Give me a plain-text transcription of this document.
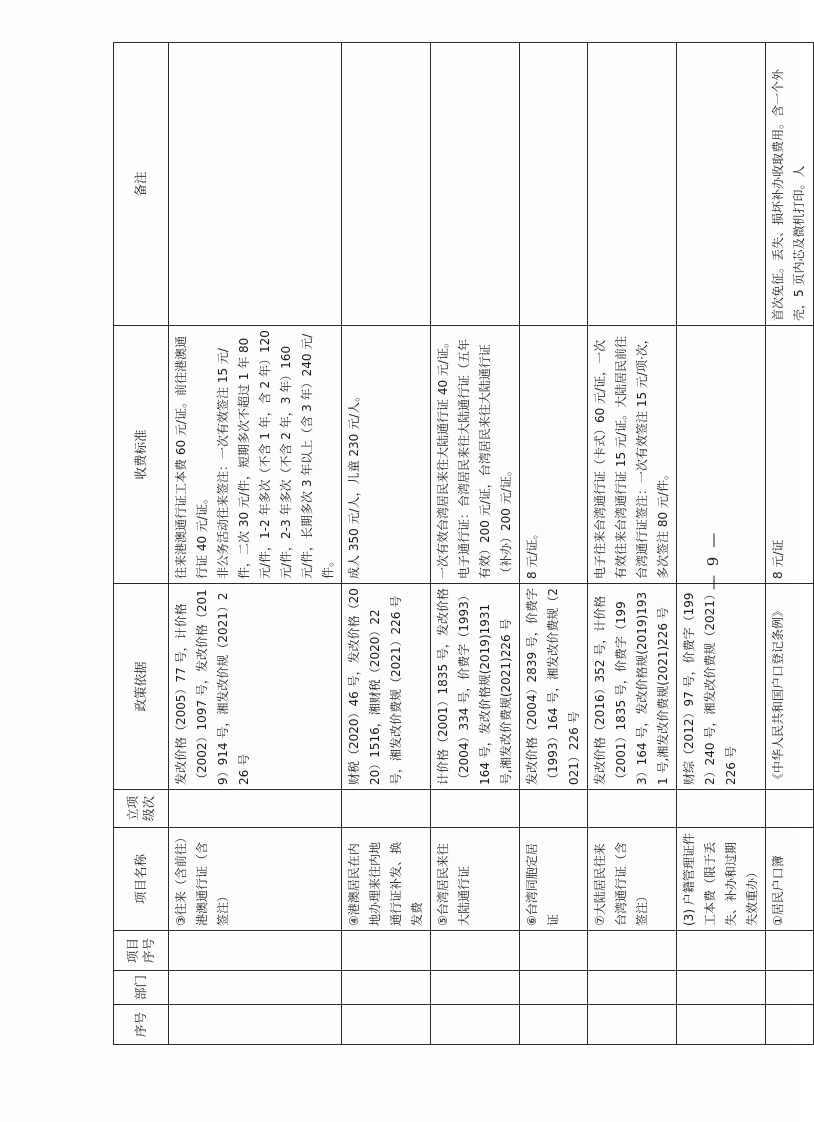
序号	部门	项目序号	项目名称	立项级次	政策依据	收费标准	备注
			③往来（含前往）港澳通行证（含签注）		发改价格（2005）77 号，计价格（2002）1097 号，发改价格（2019）914 号，湘发改价规（2021）226 号	往来港澳通行证工本费 60 元/证。前往港澳通行证 40 元/证。
非公务活动往来签注：一次有效签注 15 元/件，二次 30 元/件，短期多次不超过 1 年 80 元/件，1-2 年多次（不含 1 年，含 2 年）120 元/件，2-3 年多次（不含 2 年，3 年）160 元/件，长期多次 3 年以上（含 3 年）240 元/件。	
			④港澳居民在内地办理来往内地通行证补发、换发费		财税（2020）46 号，发改价格（2020）1516，湘财税（2020）22 号，湘发改价费规（2021）226 号	成人 350 元/人，儿童 230 元/人。	
			⑤台湾居民来往大陆通行证		计价格（2001）1835 号，发改价格（2004）334 号，价费字（1993）164 号，发改价格规(2019)1931 号,湘发改价费规(2021)226 号	一次有效台湾居民来往大陆通行证 40 元/证。电子通行证：台湾居民来往大陆通行证（五年有效）200 元/证，台湾居民来往大陆通行证（补办）200 元/证。	
			⑥台湾同胞定居证		发改价格（2004）2839 号，价费字（1993）164 号，湘发改价费规（2021）226 号	8 元/证。	
			⑦大陆居民往来台湾通行证（含签注）		发改价格（2016）352 号，计价格（2001）1835 号，价费字（1993）164 号，发改价格规(2019)1931 号,湘发改价费规(2021)226 号	电子往来台湾通行证（卡式）60 元/证，一次有效往来台湾通行证 15 元/证。大陆居民前往台湾通行证签注：一次有效签注 15 元/项·次，多次签注 80 元/件。	
			(3) 户籍管理证件工本费（限于丢失、补办和过期失效重办）		财综（2012）97 号，价费字（1992）240 号，湘发改价费规（2021）226 号		
			①居民户口簿		《中华人民共和国户口登记条例》	8 元/证	首次免征。丢失、损坏补办收取费用。含一个外壳，5 页内芯及微机打印。人
— 9 —
